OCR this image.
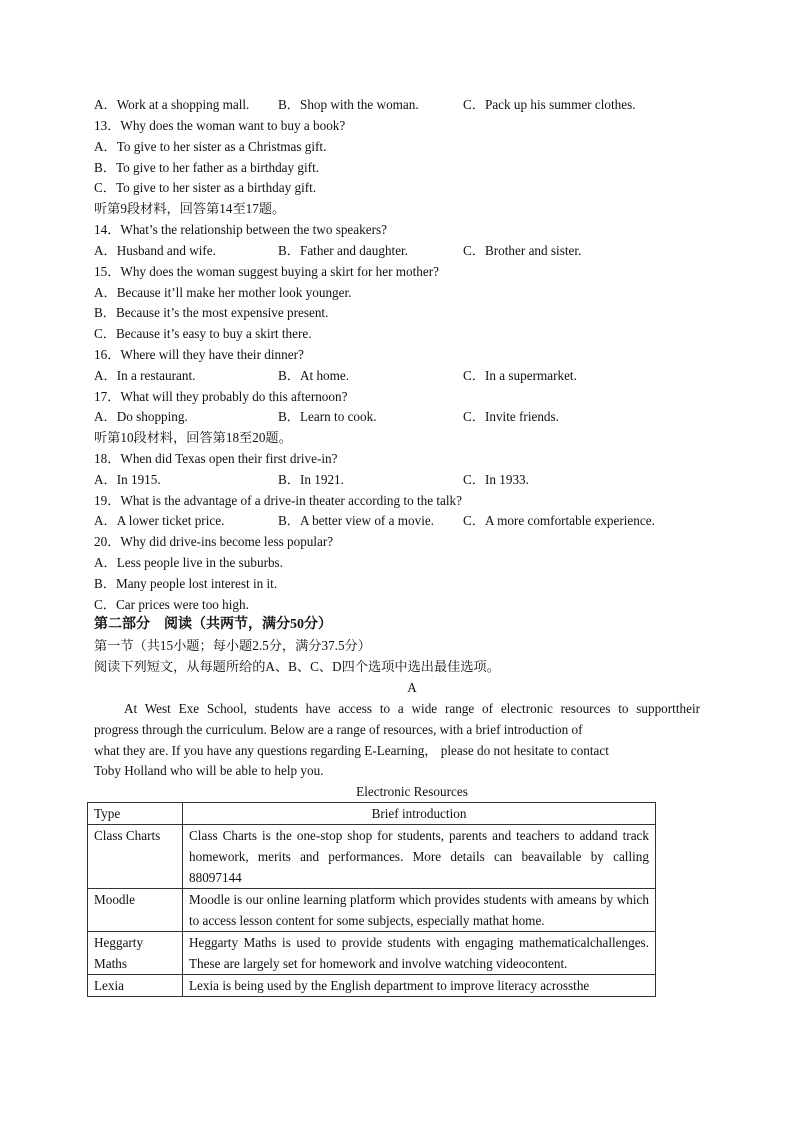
A．Work at a shopping mall. B．Shop with the woman.	C．Pack up his summer clothes.
13．Why does the woman want to buy a book?
A．To give to her sister as a Christmas gift.
B．To give to her father as a birthday gift.
C．To give to her sister as a birthday gift.
听第9段材料，回答第14至17题。
14．What’s the relationship between the two speakers?
A．Husband and wife.	B．Father and daughter.	C．Brother and sister.
15．Why does the woman suggest buying a skirt for her mother?
A．Because it’ll make her mother look younger.
B．Because it’s the most expensive present.
C．Because it’s easy to buy a skirt there.
16．Where will they have their dinner?
A．In a restaurant.	B．At home.	C．In a supermarket.
17．What will they probably do this afternoon?
A．Do shopping.	B．Learn to cook.	C．Invite friends.
听第10段材料，回答第18至20题。
18．When did Texas open their first drive-in?
A．In 1915.	B．In 1921.	C．In 1933.
19．What is the advantage of a drive-in theater according to the talk?
A．A lower ticket price.	B．A better view of a movie. C．A more comfortable experience.
20．Why did drive-ins become less popular?
A．Less people live in the suburbs.
B．Many people lost interest in it.
C．Car prices were too high.
第二部分　阅读（共两节，满分50分）
第一节（共15小题；每小题2.5分，满分37.5分）
阅读下列短文，从每题所给的A、B、C、D四个选项中选出最佳选项。
A
At West Exe School, students have access to a wide range of electronic resources to supporttheir
progress through the curriculum. Below are a range of resources, with a brief introduction of
what they are. If you have any questions regarding E-Learning， please do not hesitate to contact
Toby Holland who will be able to help you.
Electronic Resources
Type	Brief introduction
Class Charts	Class Charts is the one-stop shop for students, parents and teachers to addand track homework, merits and performances. More details can beavailable by calling 88097144
Moodle	Moodle is our online learning platform which provides students with ameans by which to access lesson content for some subjects, especially mathat home.
Heggarty Maths	Heggarty Maths is used to provide students with engaging mathematicalchallenges. These are largely set for homework and involve watching videocontent.
Lexia	Lexia is being used by the English department to improve literacy acrossthe
